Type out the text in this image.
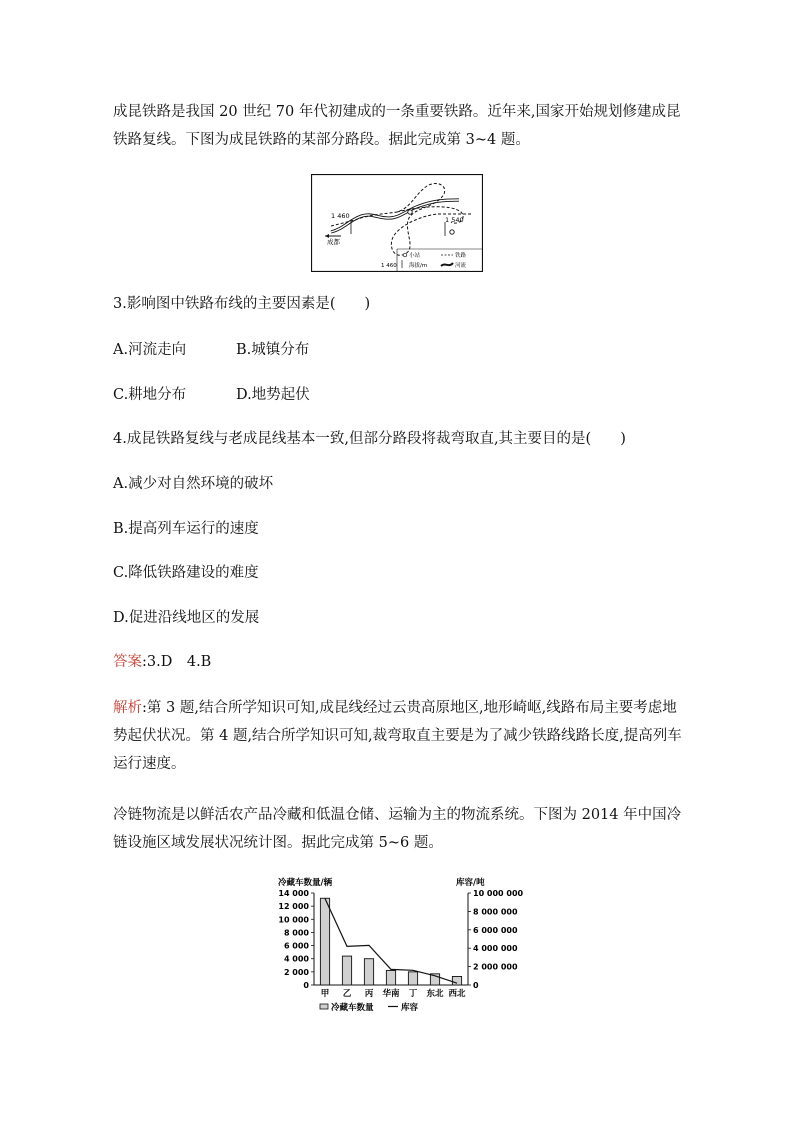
成昆铁路是我国 20 世纪 70 年代初建成的一条重要铁路。近年来,国家开始规划修建成昆铁路复线。下图为成昆铁路的某部分路段。据此完成第 3~4 题。

1 460	1 540
成都
小站	铁路
1 460 海拔/m	河流

3.影响图中铁路布线的主要因素是(　　)

A.河流走向	B.城镇分布

C.耕地分布	D.地势起伏

4.成昆铁路复线与老成昆线基本一致,但部分路段将裁弯取直,其主要目的是(　　)

A.减少对自然环境的破坏

B.提高列车运行的速度

C.降低铁路建设的难度

D.促进沿线地区的发展

答案:3.D　4.B

解析:第 3 题,结合所学知识可知,成昆线经过云贵高原地区,地形崎岖,线路布局主要考虑地势起伏状况。第 4 题,结合所学知识可知,裁弯取直主要是为了减少铁路线路长度,提高列车运行速度。

冷链物流是以鲜活农产品冷藏和低温仓储、运输为主的物流系统。下图为 2014 年中国冷链设施区域发展状况统计图。据此完成第 5~6 题。

冷藏车数量/辆	库容/吨
0
2 000
4 000
6 000
8 000
10 000
12 000
14 000
0
2 000 000
4 000 000
6 000 000
8 000 000
10 000 000
甲 乙 丙 华南 丁 东北 西北
冷藏车数量	库容
